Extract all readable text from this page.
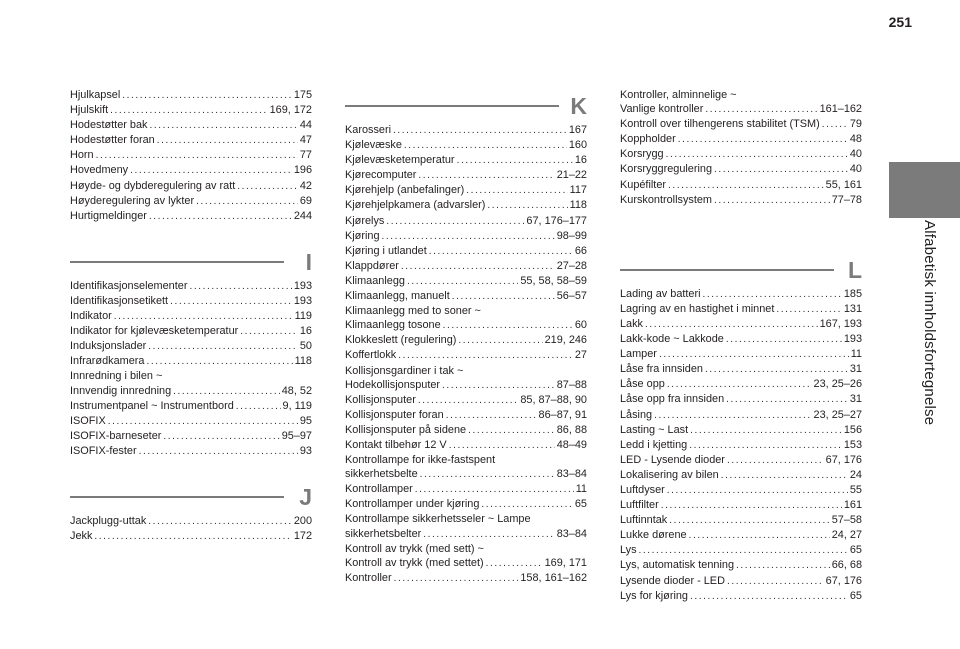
251
Alfabetisk innholdsfortegnelse
Hjulkapsel .....	175
Hjulskift .....	169, 172
Hodestøtter bak .....	44
Hodestøtter foran .....	47
Horn .....	77
Hovedmeny .....	196
Høyde- og dybderegulering av ratt .....	42
Høyderegulering av lykter .....	69
Hurtigmeldinger .....	244
I
Identifikasjonselementer .....	193
Identifikasjonsetikett .....	193
Indikator .....	119
Indikator for kjølevæsketemperatur .....	16
Induksjonslader .....	50
Infrarødkamera .....	118
Innredning i bilen ~
Innvendig innredning .....	48, 52
Instrumentpanel ~ Instrumentbord .....	9, 119
ISOFIX .....	95
ISOFIX-barneseter .....	95–97
ISOFIX-fester .....	93
J
Jackplugg-uttak .....	200
Jekk .....	172
K
Karosseri .....	167
Kjølevæske .....	160
Kjølevæsketemperatur .....	16
Kjørecomputer .....	21–22
Kjørehjelp (anbefalinger) .....	117
Kjørehjelpkamera (advarsler) .....	118
Kjørelys .....	67, 176–177
Kjøring .....	98–99
Kjøring i utlandet .....	66
Klappdører .....	27–28
Klimaanlegg .....	55, 58, 58–59
Klimaanlegg, manuelt .....	56–57
Klimaanlegg med to soner ~
Klimaanlegg tosone .....	60
Klokkeslett (regulering) .....	219, 246
Koffertlokk .....	27
Kollisjonsgardiner i tak ~
Hodekollisjonsputer .....	87–88
Kollisjonsputer .....	85, 87–88, 90
Kollisjonsputer foran .....	86–87, 91
Kollisjonsputer på sidene .....	86, 88
Kontakt tilbehør 12 V .....	48–49
Kontrollampe for ikke-fastspent
sikkerhetsbelte .....	83–84
Kontrollamper .....	11
Kontrollamper under kjøring .....	65
Kontrollampe sikkerhetsseler ~ Lampe
sikkerhetsbelter .....	83–84
Kontroll av trykk (med sett) ~
Kontroll av trykk (med settet) .....	169, 171
Kontroller .....	158, 161–162
Kontroller, alminnelige ~
Vanlige kontroller .....	161–162
Kontroll over tilhengerens stabilitet (TSM) .....	79
Koppholder .....	48
Korsrygg .....	40
Korsryggregulering .....	40
Kupéfilter .....	55, 161
Kurskontrollsystem .....	77–78
L
Lading av batteri .....	185
Lagring av en hastighet i minnet .....	131
Lakk .....	167, 193
Lakk-kode ~ Lakkode .....	193
Lamper .....	11
Låse fra innsiden .....	31
Låse opp .....	23, 25–26
Låse opp fra innsiden .....	31
Låsing .....	23, 25–27
Lasting ~ Last .....	156
Ledd i kjetting .....	153
LED - Lysende dioder .....	67, 176
Lokalisering av bilen .....	24
Luftdyser .....	55
Luftfilter .....	161
Luftinntak .....	57–58
Lukke dørene .....	24, 27
Lys .....	65
Lys, automatisk tenning .....	66, 68
Lysende dioder - LED .....	67, 176
Lys for kjøring .....	65
